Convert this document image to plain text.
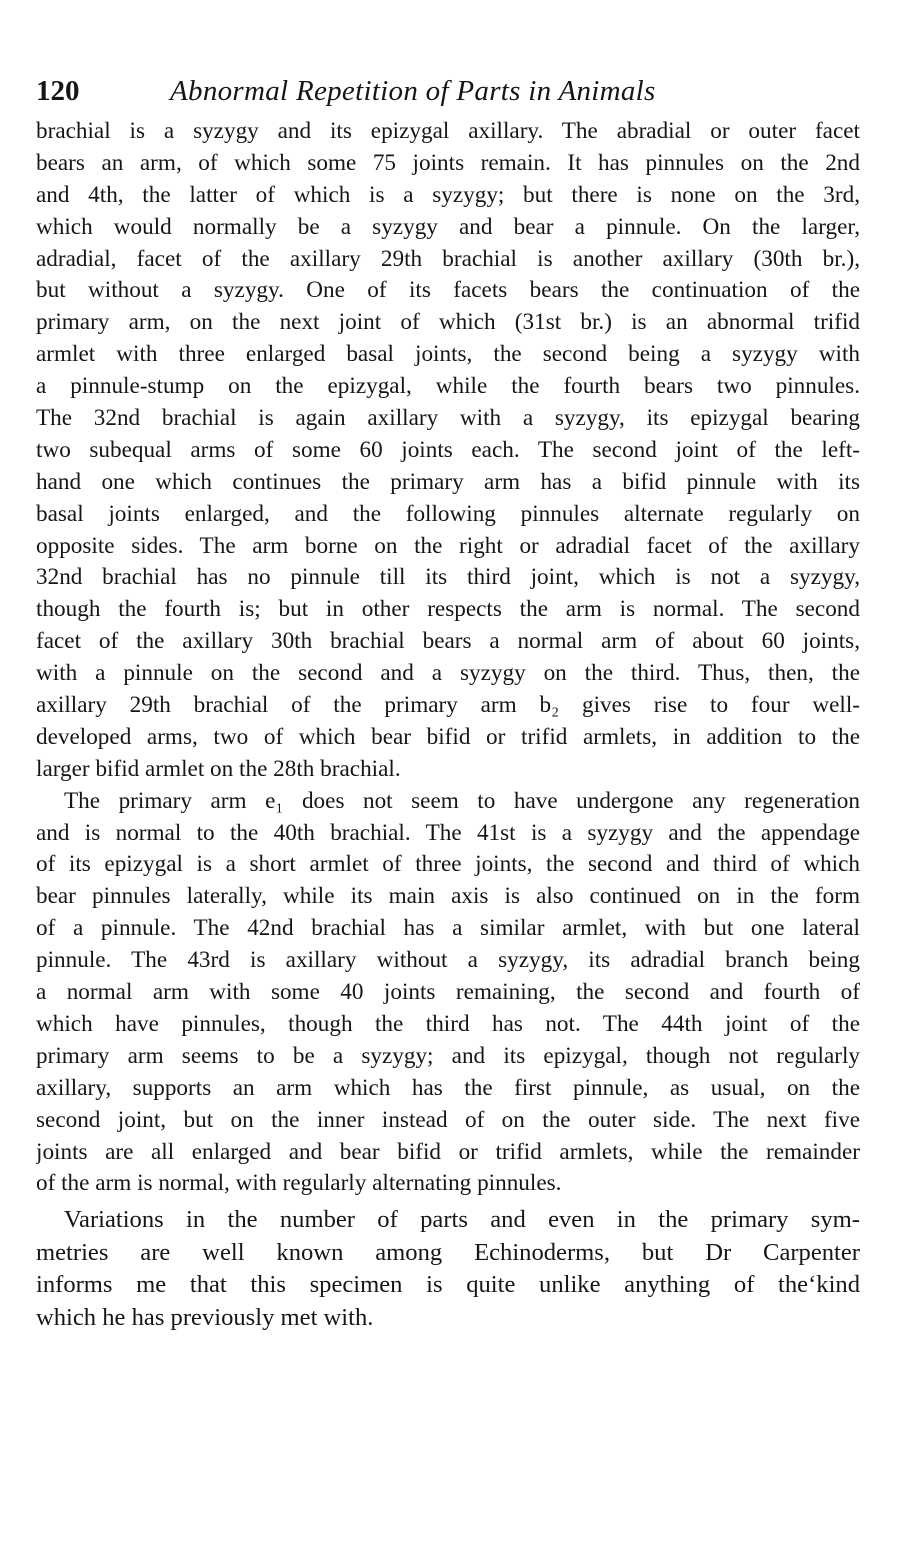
120	Abnormal Repetition of Parts in Animals
brachial is a syzygy and its epizygal axillary. The abradial or outer facet
bears an arm, of which some 75 joints remain. It has pinnules on the 2nd
and 4th, the latter of which is a syzygy; but there is none on the 3rd,
which would normally be a syzygy and bear a pinnule. On the larger,
adradial, facet of the axillary 29th brachial is another axillary (30th br.),
but without a syzygy. One of its facets bears the continuation of the
primary arm, on the next joint of which (31st br.) is an abnormal trifid
armlet with three enlarged basal joints, the second being a syzygy with
a pinnule-stump on the epizygal, while the fourth bears two pinnules.
The 32nd brachial is again axillary with a syzygy, its epizygal bearing
two subequal arms of some 60 joints each. The second joint of the left-
hand one which continues the primary arm has a bifid pinnule with its
basal joints enlarged, and the following pinnules alternate regularly on
opposite sides. The arm borne on the right or adradial facet of the axillary
32nd brachial has no pinnule till its third joint, which is not a syzygy,
though the fourth is; but in other respects the arm is normal. The second
facet of the axillary 30th brachial bears a normal arm of about 60 joints,
with a pinnule on the second and a syzygy on the third. Thus, then, the
axillary 29th brachial of the primary arm b₂ gives rise to four well-
developed arms, two of which bear bifid or trifid armlets, in addition to the
larger bifid armlet on the 28th brachial.
The primary arm e₁ does not seem to have undergone any regeneration
and is normal to the 40th brachial. The 41st is a syzygy and the appendage
of its epizygal is a short armlet of three joints, the second and third of which
bear pinnules laterally, while its main axis is also continued on in the form
of a pinnule. The 42nd brachial has a similar armlet, with but one lateral
pinnule. The 43rd is axillary without a syzygy, its adradial branch being
a normal arm with some 40 joints remaining, the second and fourth of
which have pinnules, though the third has not. The 44th joint of the
primary arm seems to be a syzygy; and its epizygal, though not regularly
axillary, supports an arm which has the first pinnule, as usual, on the
second joint, but on the inner instead of on the outer side. The next five
joints are all enlarged and bear bifid or trifid armlets, while the remainder
of the arm is normal, with regularly alternating pinnules.
Variations in the number of parts and even in the primary sym-
metries are well known among Echinoderms, but Dr Carpenter
informs me that this specimen is quite unlike anything of the‘kind
which he has previously met with.
